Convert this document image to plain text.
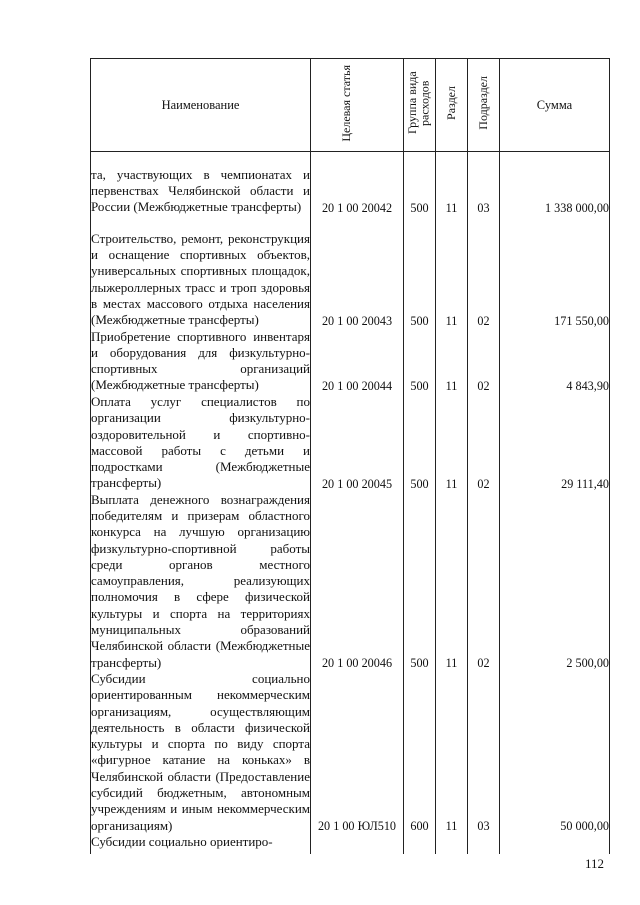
Наименование	Целевая статья	Группа вида расходов	Раздел	Подраздел	Сумма
та, участвующих в чемпионатах и первенствах Челябинской области и России (Межбюджетные трансферты)	20 1 00 20042	500	11	03	1 338 000,00
Строительство, ремонт, реконструкция и оснащение спортивных объектов, универсальных спортивных площадок, лыжероллерных трасс и троп здоровья в местах массового отдыха населения (Межбюджетные трансферты)	20 1 00 20043	500	11	02	171 550,00
Приобретение спортивного инвентаря и оборудования для физкультурно-спортивных организаций (Межбюджетные трансферты)	20 1 00 20044	500	11	02	4 843,90
Оплата услуг специалистов по организации физкультурно-оздоровительной и спортивно-массовой работы с детьми и подростками (Межбюджетные трансферты)	20 1 00 20045	500	11	02	29 111,40
Выплата денежного вознаграждения победителям и призерам областного конкурса на лучшую организацию физкультурно-спортивной работы среди органов местного самоуправления, реализующих полномочия в сфере физической культуры и спорта на территориях муниципальных образований Челябинской области (Межбюджетные трансферты)	20 1 00 20046	500	11	02	2 500,00
Субсидии социально ориентированным некоммерческим организациям, осуществляющим деятельность в области физической культуры и спорта по виду спорта «фигурное катание на коньках» в Челябинской области (Предоставление субсидий бюджетным, автономным учреждениям и иным некоммерческим организациям)	20 1 00 ЮЛ510	600	11	03	50 000,00
Субсидии социально ориентиро-					
112
